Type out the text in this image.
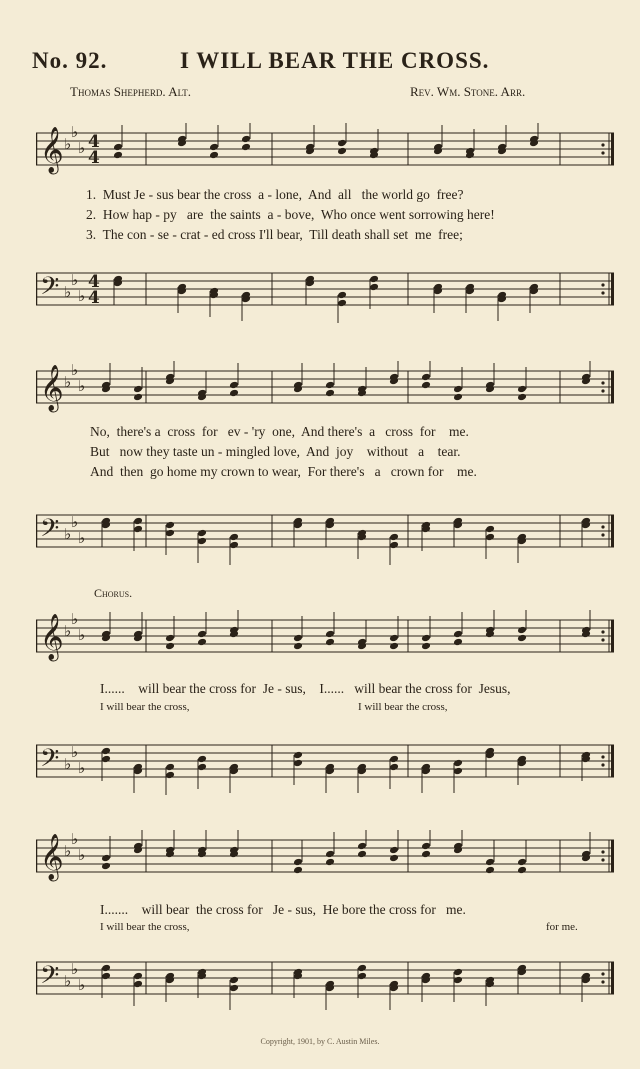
No. 92.	I WILL BEAR THE CROSS.
Thomas Shepherd. Alt.	Rev. Wm. Stone. Arr.
𝄞 ♭
♭
♭ 4
4
𝄢 ♭
♭
♭
4
4
1.  Must Je - sus bear the cross  a - lone,  And  all   the world go  free?
2.  How hap - py   are  the saints  a - bove,  Who once went sorrowing here!
3.  The con - se - crat - ed cross I'll bear,  Till death shall set  me  free;
𝄞 ♭
♭
♭
𝄢 ♭
♭
♭
No,  there's a  cross  for   ev - 'ry  one,  And there's  a   cross  for    me.
But   now they taste un - mingled love,  And  joy    without   a    tear.
And  then  go home my crown to wear,  For there's   a   crown for    me.
Chorus.
𝄞 ♭
♭
♭
𝄢 ♭
♭
♭
I......    will bear the cross for  Je - sus,    I......   will bear the cross for  Jesus,
I will bear the cross,	I will bear the cross,
𝄞 ♭
♭
♭
𝄢 ♭
♭
♭
I.......    will bear  the cross for   Je - sus,  He bore the cross for   me.
I will bear the cross,	for me.
Copyright, 1901, by C. Austin Miles.
